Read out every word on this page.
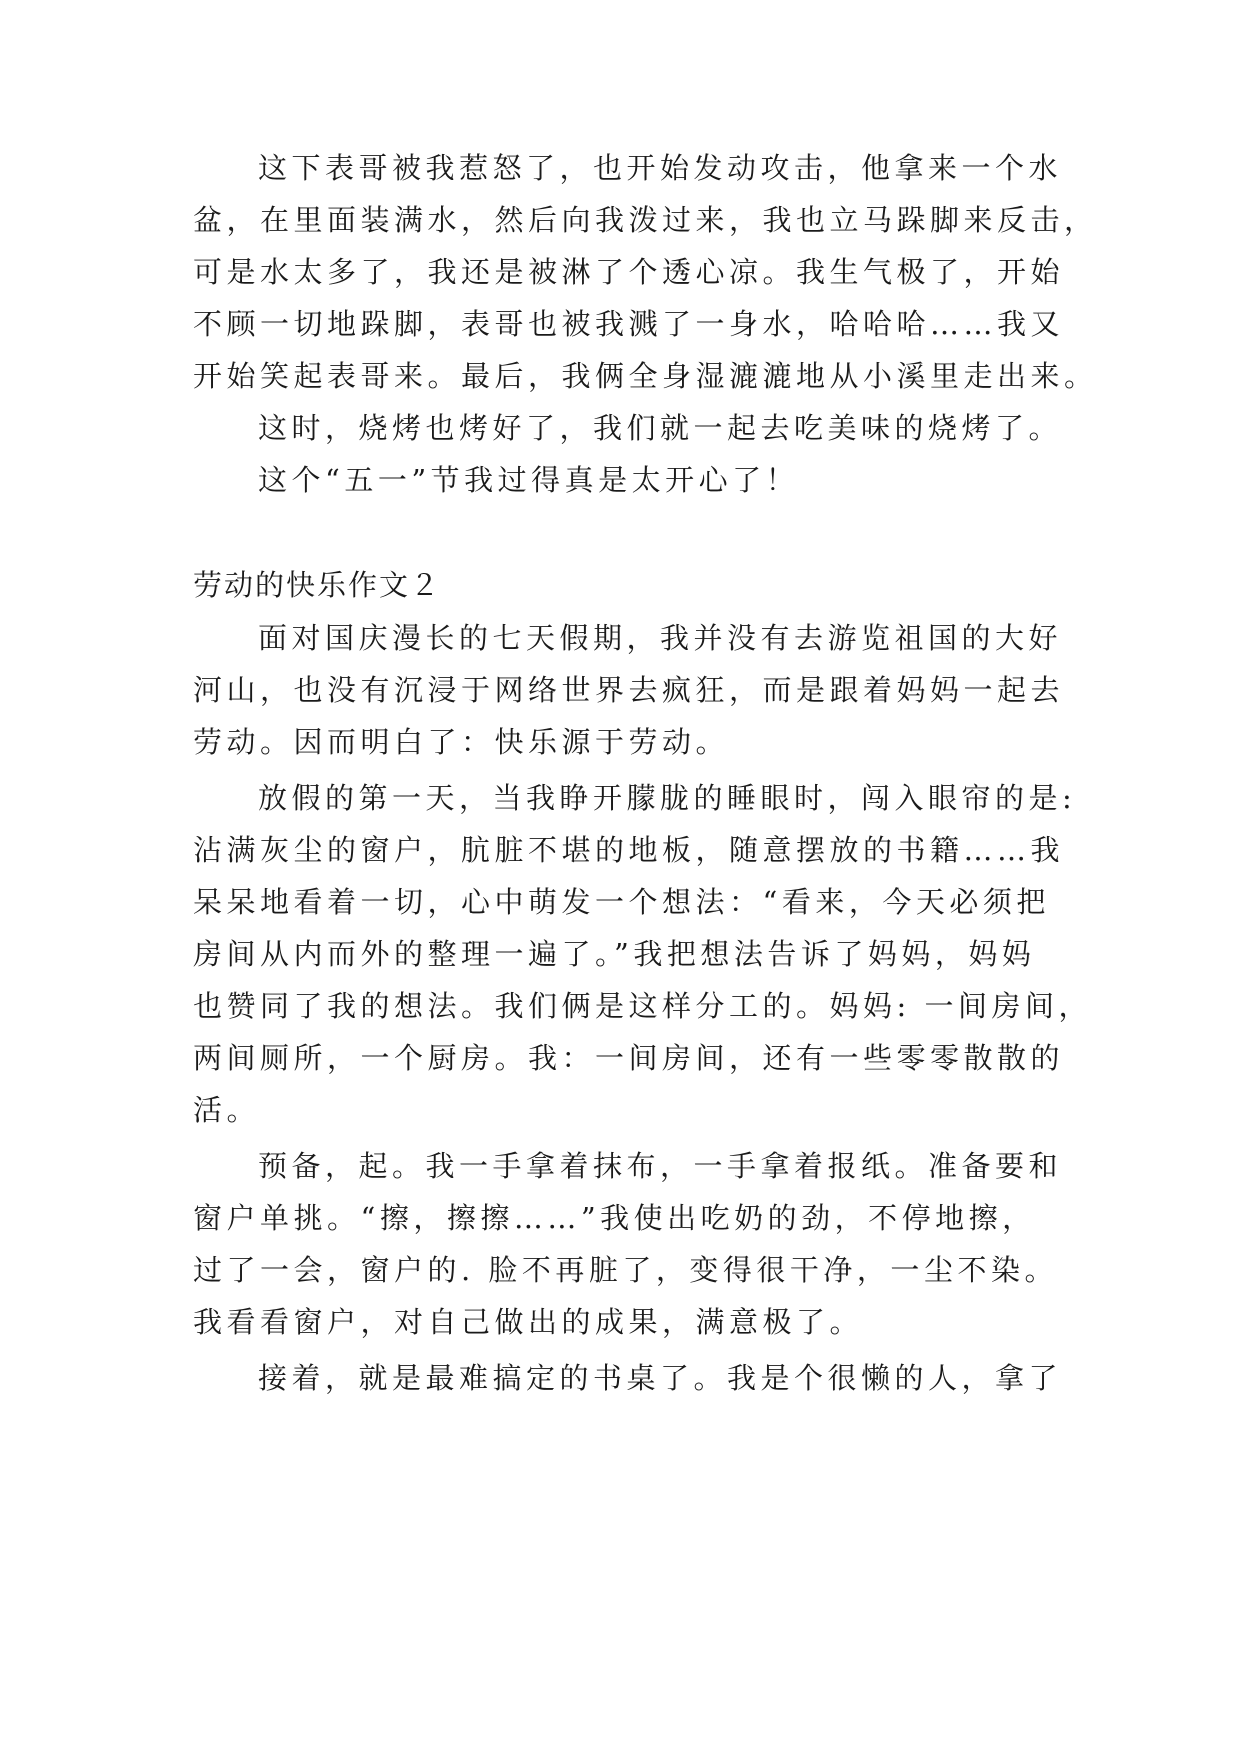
这下表哥被我惹怒了，也开始发动攻击，他拿来一个水
盆，在里面装满水，然后向我泼过来，我也立马跺脚来反击，
可是水太多了，我还是被淋了个透心凉。我生气极了，开始
不顾一切地跺脚，表哥也被我溅了一身水，哈哈哈……我又
开始笑起表哥来。最后，我俩全身湿漉漉地从小溪里走出来。
这时，烧烤也烤好了，我们就一起去吃美味的烧烤了。
这个“五一”节我过得真是太开心了！
劳动的快乐作文２
面对国庆漫长的七天假期，我并没有去游览祖国的大好
河山，也没有沉浸于网络世界去疯狂，而是跟着妈妈一起去
劳动。因而明白了：快乐源于劳动。
放假的第一天，当我睁开朦胧的睡眼时，闯入眼帘的是:
沾满灰尘的窗户，肮脏不堪的地板，随意摆放的书籍……我
呆呆地看着一切，心中萌发一个想法：“看来，今天必须把
房间从内而外的整理一遍了。”我把想法告诉了妈妈，妈妈
也赞同了我的想法。我们俩是这样分工的。妈妈: 一间房间，
两间厕所，一个厨房。我：一间房间，还有一些零零散散的
活。
预备，起。我一手拿着抹布，一手拿着报纸。准备要和
窗户单挑。“擦，擦擦……”我使出吃奶的劲，不停地擦，
过了一会，窗户的. 脸不再脏了，变得很干净，一尘不染。
我看看窗户，对自己做出的成果，满意极了。
接着，就是最难搞定的书桌了。我是个很懒的人，拿了
